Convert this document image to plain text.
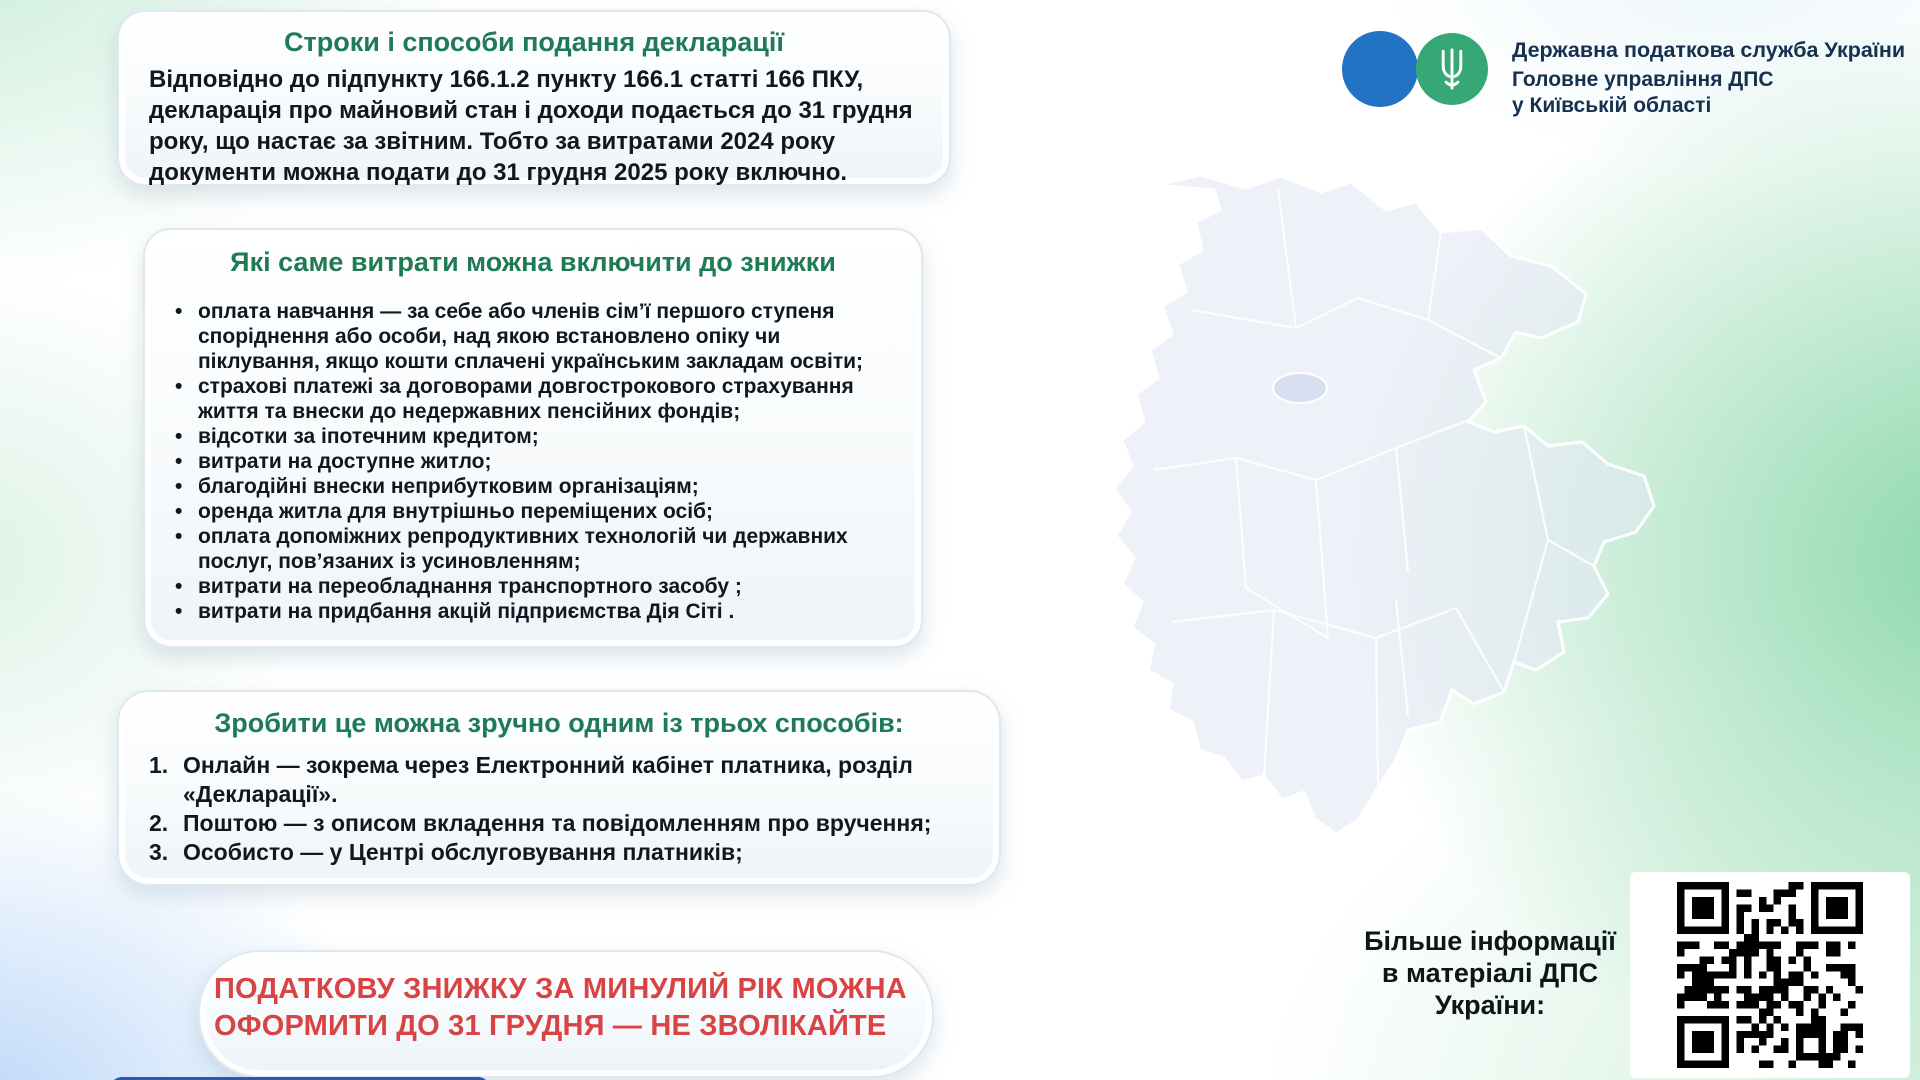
Державна податкова служба України

Головне управління ДПС

у Київській області

Строки і способи подання декларації

Відповідно до підпункту 166.1.2 пункту 166.1 статті 166 ПКУ, декларація про майновий стан і доходи подається до 31 грудня року, що настає за звітним. Тобто за витратами 2024 року документи можна подати до 31 грудня 2025 року включно.

Які саме витрати можна включити до знижки
• оплата навчання — за себе або членів сім’ї першого ступеня споріднення або особи, над якою встановлено опіку чи піклування, якщо кошти сплачені українським закладам освіти;
• страхові платежі за договорами довгострокового страхування життя та внески до недержавних пенсійних фондів;
• відсотки за іпотечним кредитом;
• витрати на доступне житло;
• благодійні внески неприбутковим організаціям;
• оренда житла для внутрішньо переміщених осіб;
• оплата допоміжних репродуктивних технологій чи державних послуг, пов’язаних із усиновленням;
• витрати на переобладнання транспортного засобу ;
• витрати на придбання акцій підприємства Дія Сіті .
Зробити це можна зручно одним із трьох способів:
Онлайн — зокрема через Електронний кабінет платника, розділ «Декларації».
Поштою — з описом вкладення та повідомленням про вручення;
Особисто — у Центрі обслуговування платників;

ПОДАТКОВУ ЗНИЖКУ ЗА МИНУЛИЙ РІК МОЖНА

ОФОРМИТИ ДО 31 ГРУДНЯ — НЕ ЗВОЛІКАЙТЕ

Більше інформації
в матеріалі ДПС
України:
